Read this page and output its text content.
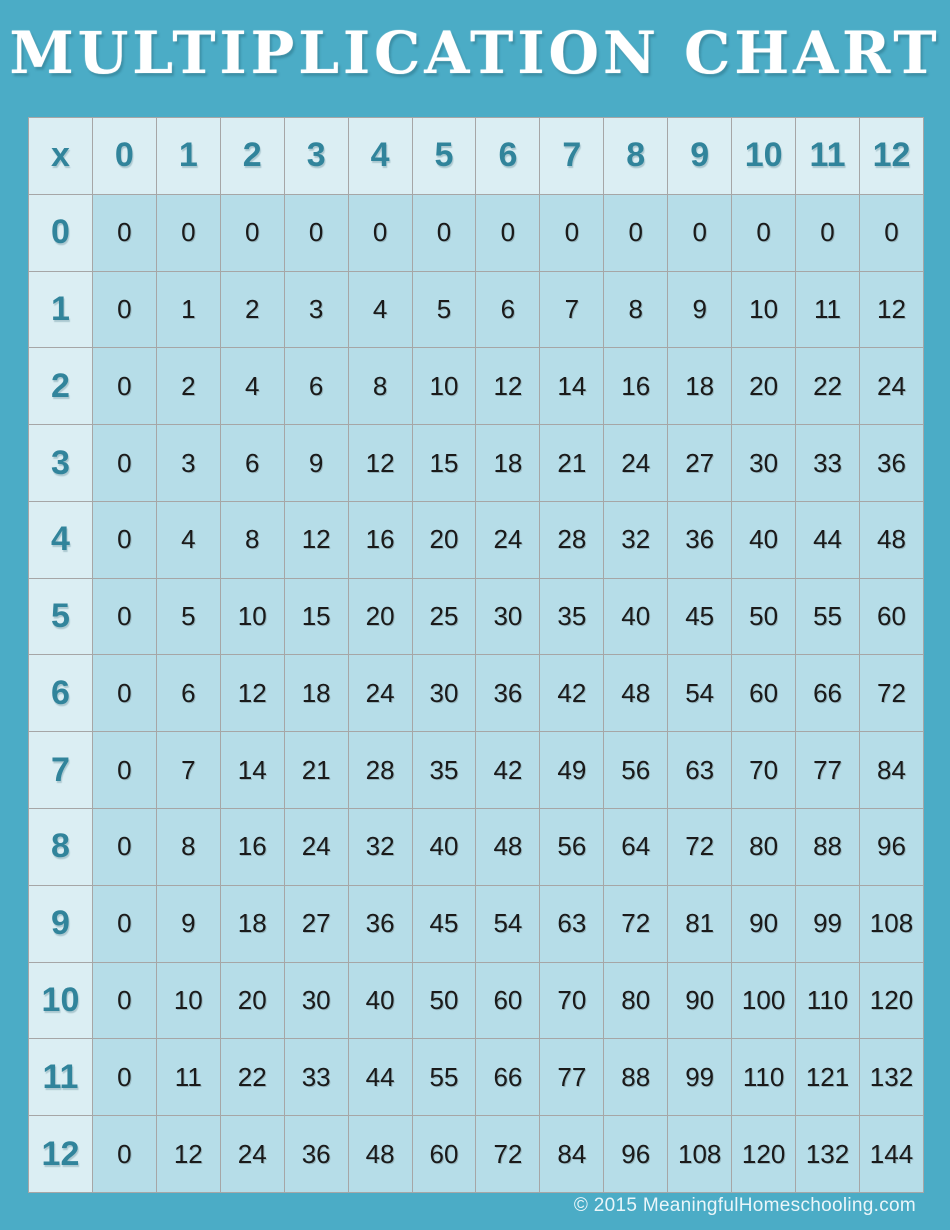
MULTIPLICATION CHART
x	0	1	2	3	4	5	6	7	8	9	10	11	12
0	0	0	0	0	0	0	0	0	0	0	0	0	0
1	0	1	2	3	4	5	6	7	8	9	10	11	12
2	0	2	4	6	8	10	12	14	16	18	20	22	24
3	0	3	6	9	12	15	18	21	24	27	30	33	36
4	0	4	8	12	16	20	24	28	32	36	40	44	48
5	0	5	10	15	20	25	30	35	40	45	50	55	60
6	0	6	12	18	24	30	36	42	48	54	60	66	72
7	0	7	14	21	28	35	42	49	56	63	70	77	84
8	0	8	16	24	32	40	48	56	64	72	80	88	96
9	0	9	18	27	36	45	54	63	72	81	90	99	108
10	0	10	20	30	40	50	60	70	80	90	100	110	120
11	0	11	22	33	44	55	66	77	88	99	110	121	132
12	0	12	24	36	48	60	72	84	96	108	120	132	144
© 2015 MeaningfulHomeschooling.com
